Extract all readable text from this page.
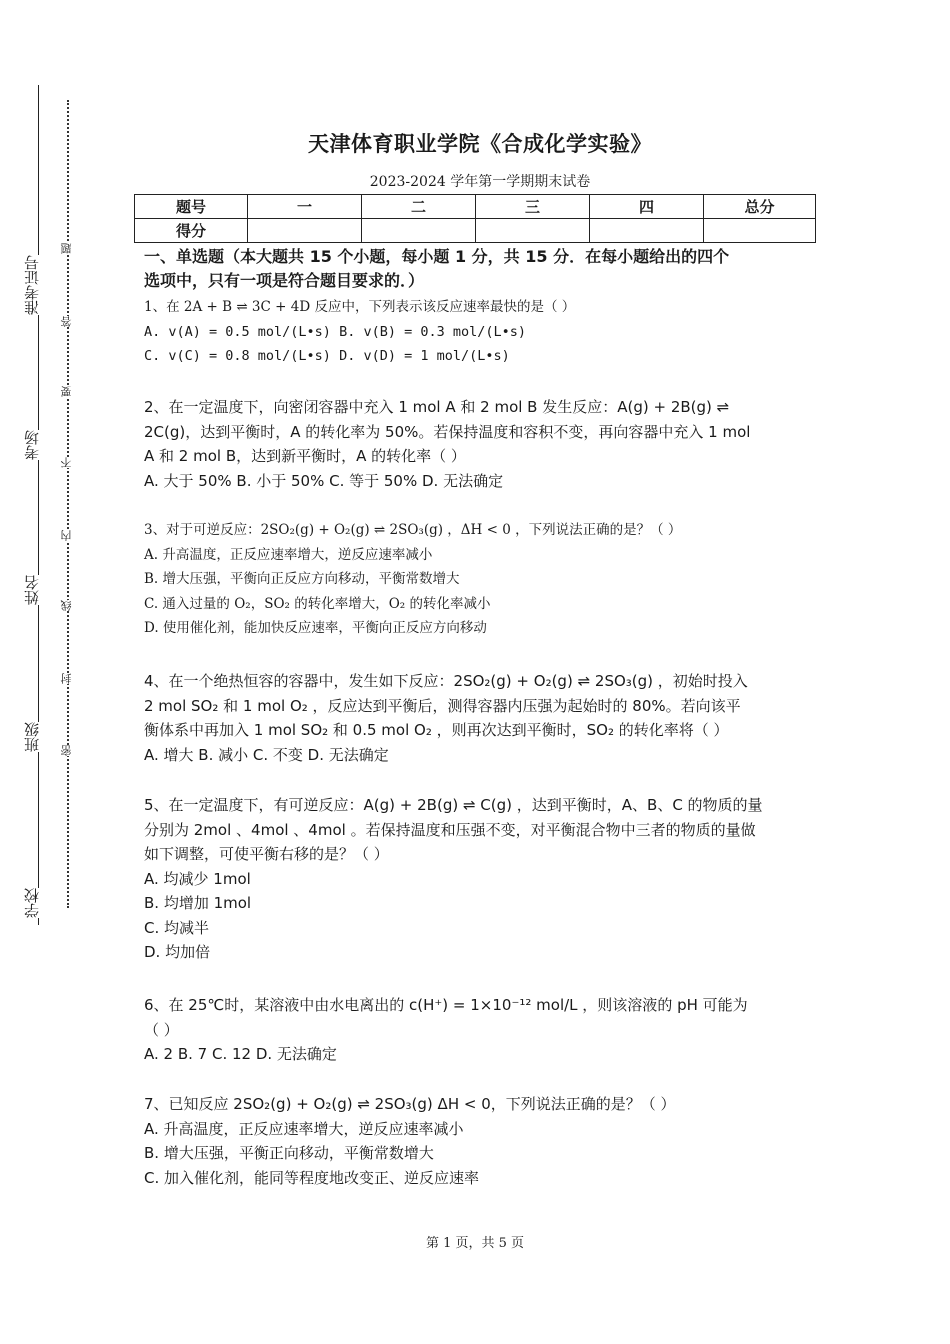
准考证号
考场
姓名
班级
学校
题
答
要
不
内
线
封
密
天津体育职业学院《合成化学实验》
2023-2024 学年第一学期期末试卷
题号	一	二	三	四	总分
得分					
一、单选题（本大题共 15 个小题，每小题 1 分，共 15 分．在每小题给出的四个
选项中，只有一项是符合题目要求的．）
1、在 2A + B ⇌ 3C + 4D 反应中，下列表示该反应速率最快的是（ ）
A. v(A) = 0.5 mol/(L•s) B. v(B) = 0.3 mol/(L•s)
C. v(C) = 0.8 mol/(L•s) D. v(D) = 1 mol/(L•s)
2、在一定温度下，向密闭容器中充入 1 mol A 和 2 mol B 发生反应：A(g) + 2B(g) ⇌
2C(g)，达到平衡时，A 的转化率为 50%。若保持温度和容积不变，再向容器中充入 1 mol
A 和 2 mol B，达到新平衡时，A 的转化率（ ）
A. 大于 50% B. 小于 50% C. 等于 50% D. 无法确定
3、对于可逆反应：2SO₂(g) + O₂(g) ⇌ 2SO₃(g) ，ΔH < 0 ，下列说法正确的是？（ ）
A. 升高温度，正反应速率增大，逆反应速率减小
B. 增大压强，平衡向正反应方向移动，平衡常数增大
C. 通入过量的 O₂，SO₂ 的转化率增大，O₂ 的转化率减小
D. 使用催化剂，能加快反应速率，平衡向正反应方向移动
4、在一个绝热恒容的容器中，发生如下反应：2SO₂(g) + O₂(g) ⇌ 2SO₃(g) ，初始时投入
2 mol SO₂ 和 1 mol O₂ ，反应达到平衡后，测得容器内压强为起始时的 80%。若向该平
衡体系中再加入 1 mol SO₂ 和 0.5 mol O₂ ，则再次达到平衡时，SO₂ 的转化率将（ ）
A. 增大 B. 减小 C. 不变 D. 无法确定
5、在一定温度下，有可逆反应：A(g) + 2B(g) ⇌ C(g) ，达到平衡时，A、B、C 的物质的量
分别为 2mol 、4mol 、4mol 。若保持温度和压强不变，对平衡混合物中三者的物质的量做
如下调整，可使平衡右移的是？（ ）
A. 均减少 1mol
B. 均增加 1mol
C. 均减半
D. 均加倍
6、在 25℃时，某溶液中由水电离出的 c(H⁺) = 1×10⁻¹² mol/L ，则该溶液的 pH 可能为
（ ）
A. 2 B. 7 C. 12 D. 无法确定
7、已知反应 2SO₂(g) + O₂(g) ⇌ 2SO₃(g) ΔH < 0，下列说法正确的是？（ ）
A. 升高温度，正反应速率增大，逆反应速率减小
B. 增大压强，平衡正向移动，平衡常数增大
C. 加入催化剂，能同等程度地改变正、逆反应速率
第 1 页，共 5 页
